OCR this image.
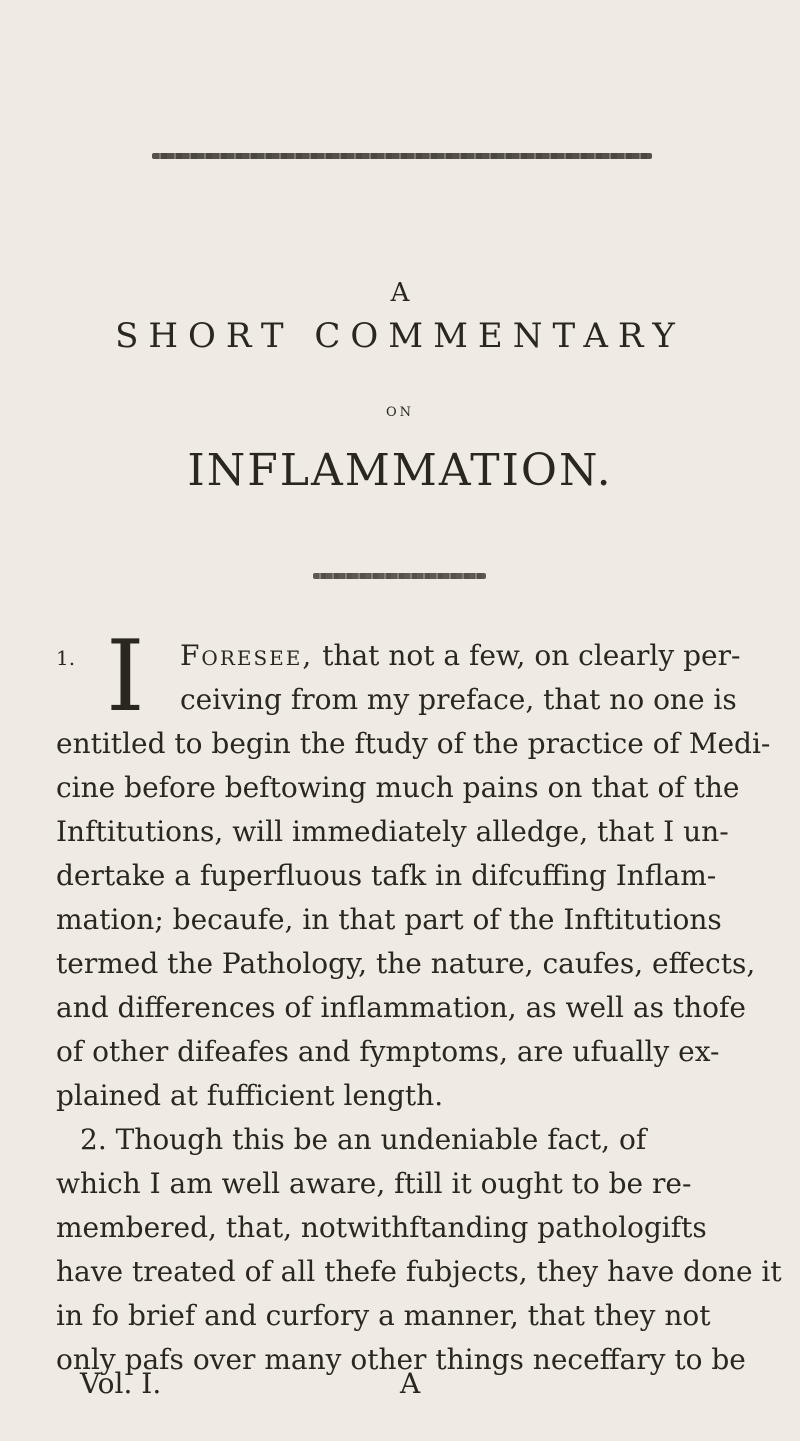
A
SHORT COMMENTARY
ON
INFLAMMATION.
I
1.	Foresee, that not a few, on clearly per-
ceiving from my preface, that no one is
entitled to begin the ftudy of the practice of Medi-
cine before beftowing much pains on that of the
Inftitutions, will immediately alledge, that I un-
dertake a fuperfluous tafk in difcuffing Inflam-
mation; becaufe, in that part of the Inftitutions
termed the Pathology, the nature, caufes, effects,
and differences of inflammation, as well as thofe
of other difeafes and fymptoms, are ufually ex-
plained at fufficient length.
2. Though this be an undeniable fact, of
which I am well aware, ftill it ought to be re-
membered, that, notwithftanding pathologifts
have treated of all thefe fubjects, they have done it
in fo brief and curfory a manner, that they not
only pafs over many other things neceffary to be
Vol. I.	A
